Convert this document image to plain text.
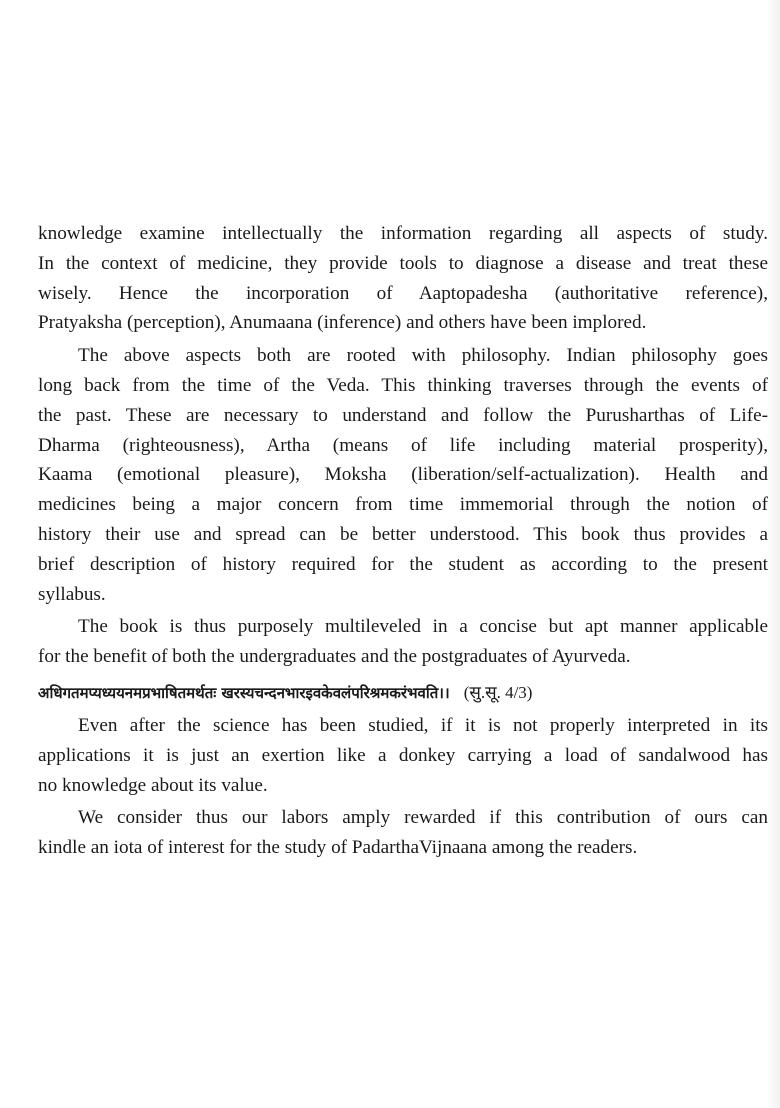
knowledge examine intellectually the information regarding all aspects of study.
In the context of medicine, they provide tools to diagnose a disease and treat these
wisely. Hence the incorporation of Aaptopadesha (authoritative reference),
Pratyaksha (perception), Anumaana (inference) and others have been implored.
The above aspects both are rooted with philosophy. Indian philosophy goes
long back from the time of the Veda. This thinking traverses through the events of
the past. These are necessary to understand and follow the Purusharthas of Life-
Dharma (righteousness), Artha (means of life including material prosperity),
Kaama (emotional pleasure), Moksha (liberation/self-actualization). Health and
medicines being a major concern from time immemorial through the notion of
history their use and spread can be better understood. This book thus provides a
brief description of history required for the student as according to the present
syllabus.
The book is thus purposely multileveled in a concise but apt manner applicable
for the benefit of both the undergraduates and the postgraduates of Ayurveda.
अधिगतमप्यध्ययनमप्रभाषितमर्थतः खरस्यचन्दनभारइवकेवलंपरिश्रमकरंभवति।। (सु.सू. 4/3)
Even after the science has been studied, if it is not properly interpreted in its
applications it is just an exertion like a donkey carrying a load of sandalwood has
no knowledge about its value.
We consider thus our labors amply rewarded if this contribution of ours can
kindle an iota of interest for the study of PadarthaVijnaana among the readers.
